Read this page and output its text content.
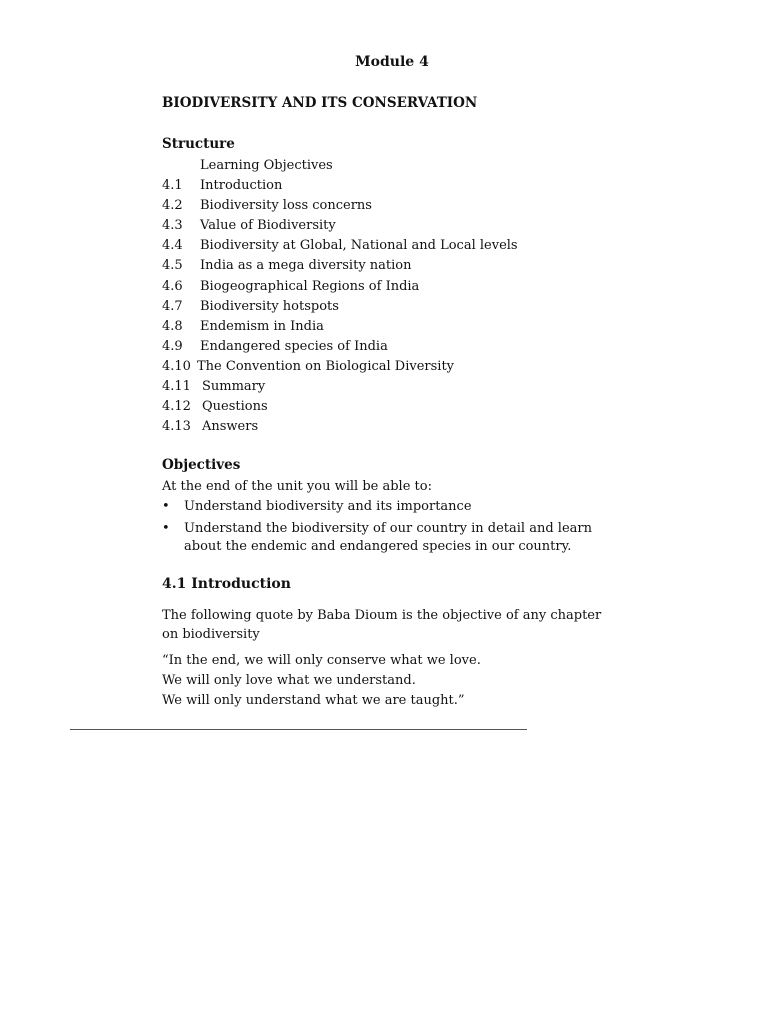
Module 4
BIODIVERSITY AND ITS CONSERVATION
Structure
Learning Objectives
4.1 Introduction
4.2 Biodiversity loss concerns
4.3 Value of Biodiversity
4.4 Biodiversity at Global, National and Local levels
4.5 India as a mega diversity nation
4.6 Biogeographical Regions of India
4.7 Biodiversity hotspots
4.8 Endemism in India
4.9 Endangered species of India
4.10 The Convention on Biological Diversity
4.11 Summary
4.12 Questions
4.13 Answers
Objectives
At the end of the unit you will be able to:
• Understand biodiversity and its importance
• Understand the biodiversity of our country in detail and learn about the endemic and endangered species in our country.
4.1 Introduction
The following quote by Baba Dioum is the objective of any chapter on biodiversity
“In the end, we will only conserve what we love.
We will only love what we understand.
We will only understand what we are taught.”
